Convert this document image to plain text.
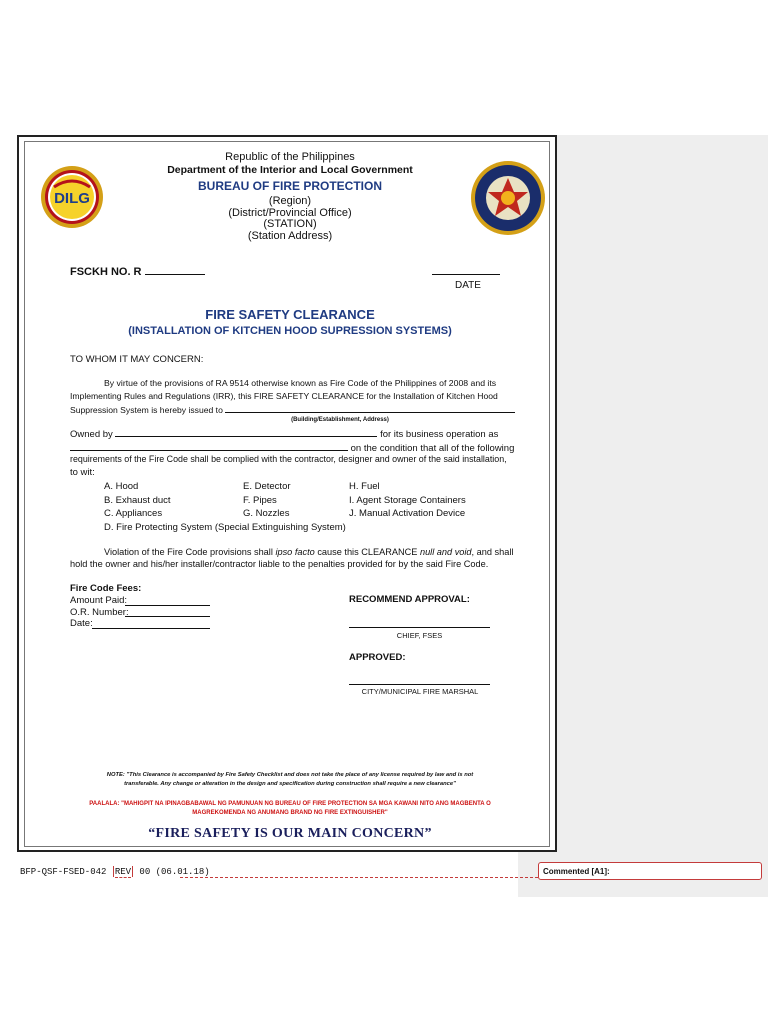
DILG
Republic of the Philippines
Department of the Interior and Local Government
BUREAU OF FIRE PROTECTION
(Region)
(District/Provincial Office)
(STATION)
(Station Address)
FSCKH NO. R
DATE
FIRE SAFETY CLEARANCE
(INSTALLATION OF KITCHEN HOOD SUPRESSION SYSTEMS)
TO WHOM IT MAY CONCERN:
By virtue of the provisions of RA 9514 otherwise known as Fire Code of the Philippines of 2008 and its
Implementing Rules and Regulations (IRR), this FIRE SAFETY CLEARANCE for the Installation of Kitchen Hood
Suppression System is hereby issued to
(Building/Establishment, Address)
Owned by	for its business operation as
on the condition that all of the following
requirements of the Fire Code shall be complied with the contractor, designer and owner of the said installation,
to wit:
A. Hood
B. Exhaust duct
C. Appliances
D. Fire Protecting System (Special Extinguishing System)
E. Detector
F. Pipes
G. Nozzles
H. Fuel
I. Agent Storage Containers
J. Manual Activation Device
Violation of the Fire Code provisions shall ipso facto cause this CLEARANCE null and void, and shall
hold the owner and his/her installer/contractor liable to the penalties provided for by the said Fire Code.
Fire Code Fees:
Amount Paid:
O.R. Number:
Date:
RECOMMEND APPROVAL:
CHIEF, FSES
APPROVED:
CITY/MUNICIPAL FIRE MARSHAL
NOTE: "This Clearance is accompanied by Fire Safety Checklist and does not take the place of any license required by law and is not
transferable. Any change or alteration in the design and specification during construction shall require a new clearance"
PAALALA: "MAHIGPIT NA IPINAGBABAWAL NG PAMUNUAN NG BUREAU OF FIRE PROTECTION SA MGA KAWANI NITO ANG MAGBENTA O
MAGREKOMENDA NG ANUMANG BRAND NG FIRE EXTINGUISHER"
“FIRE SAFETY IS OUR MAIN CONCERN”
BFP-QSF-FSED-042 REV 00 (06.01.18)	Commented [A1]:
